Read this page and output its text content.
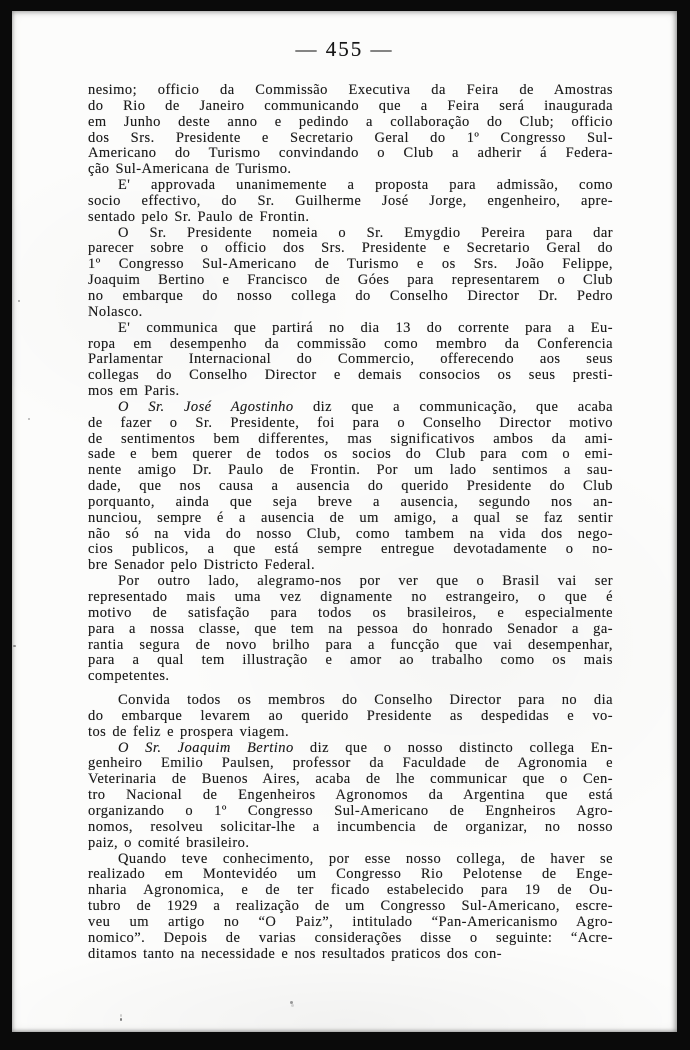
— 455 —
nesimo; officio da Commissão Executiva da Feira de Amostras
do Rio de Janeiro communicando que a Feira será inaugurada
em Junho deste anno e pedindo a collaboração do Club; officio
dos Srs. Presidente e Secretario Geral do 1º Congresso Sul-
Americano do Turismo convindando o Club a adherir á Federa-
ção Sul-Americana de Turismo.
E' approvada unanimemente a proposta para admissão, como
socio effectivo, do Sr. Guilherme José Jorge, engenheiro, apre-
sentado pelo Sr. Paulo de Frontin.
O Sr. Presidente nomeia o Sr. Emygdio Pereira para dar
parecer sobre o officio dos Srs. Presidente e Secretario Geral do
1º Congresso Sul-Americano de Turismo e os Srs. João Felippe,
Joaquim Bertino e Francisco de Góes para representarem o Club
no embarque do nosso collega do Conselho Director Dr. Pedro
Nolasco.
E' communica que partirá no dia 13 do corrente para a Eu-
ropa em desempenho da commissão como membro da Conferencia
Parlamentar Internacional do Commercio, offerecendo aos seus
collegas do Conselho Director e demais consocios os seus presti-
mos em Paris.
O Sr. José Agostinho diz que a communicação, que acaba
de fazer o Sr. Presidente, foi para o Conselho Director motivo
de sentimentos bem differentes, mas significativos ambos da ami-
sade e bem querer de todos os socios do Club para com o emi-
nente amigo Dr. Paulo de Frontin. Por um lado sentimos a sau-
dade, que nos causa a ausencia do querido Presidente do Club
porquanto, ainda que seja breve a ausencia, segundo nos an-
nunciou, sempre é a ausencia de um amigo, a qual se faz sentir
não só na vida do nosso Club, como tambem na vida dos nego-
cios publicos, a que está sempre entregue devotadamente o no-
bre Senador pelo Districto Federal.
Por outro lado, alegramo-nos por ver que o Brasil vai ser
representado mais uma vez dignamente no estrangeiro, o que é
motivo de satisfação para todos os brasileiros, e especialmente
para a nossa classe, que tem na pessoa do honrado Senador a ga-
rantia segura de novo brilho para a funcção que vai desempenhar,
para a qual tem illustração e amor ao trabalho como os mais
competentes.
Convida todos os membros do Conselho Director para no dia
do embarque levarem ao querido Presidente as despedidas e vo-
tos de feliz e prospera viagem.
O Sr. Joaquim Bertino diz que o nosso distincto collega En-
genheiro Emilio Paulsen, professor da Faculdade de Agronomia e
Veterinaria de Buenos Aires, acaba de lhe communicar que o Cen-
tro Nacional de Engenheiros Agronomos da Argentina que está
organizando o 1º Congresso Sul-Americano de Engnheiros Agro-
nomos, resolveu solicitar-lhe a incumbencia de organizar, no nosso
paiz, o comité brasileiro.
Quando teve conhecimento, por esse nosso collega, de haver se
realizado em Montevidéo um Congresso Rio Pelotense de Enge-
nharia Agronomica, e de ter ficado estabelecido para 19 de Ou-
tubro de 1929 a realização de um Congresso Sul-Americano, escre-
veu um artigo no “O Paiz”, intitulado “Pan-Americanismo Agro-
nomico”. Depois de varias considerações disse o seguinte: “Acre-
ditamos tanto na necessidade e nos resultados praticos dos con-
